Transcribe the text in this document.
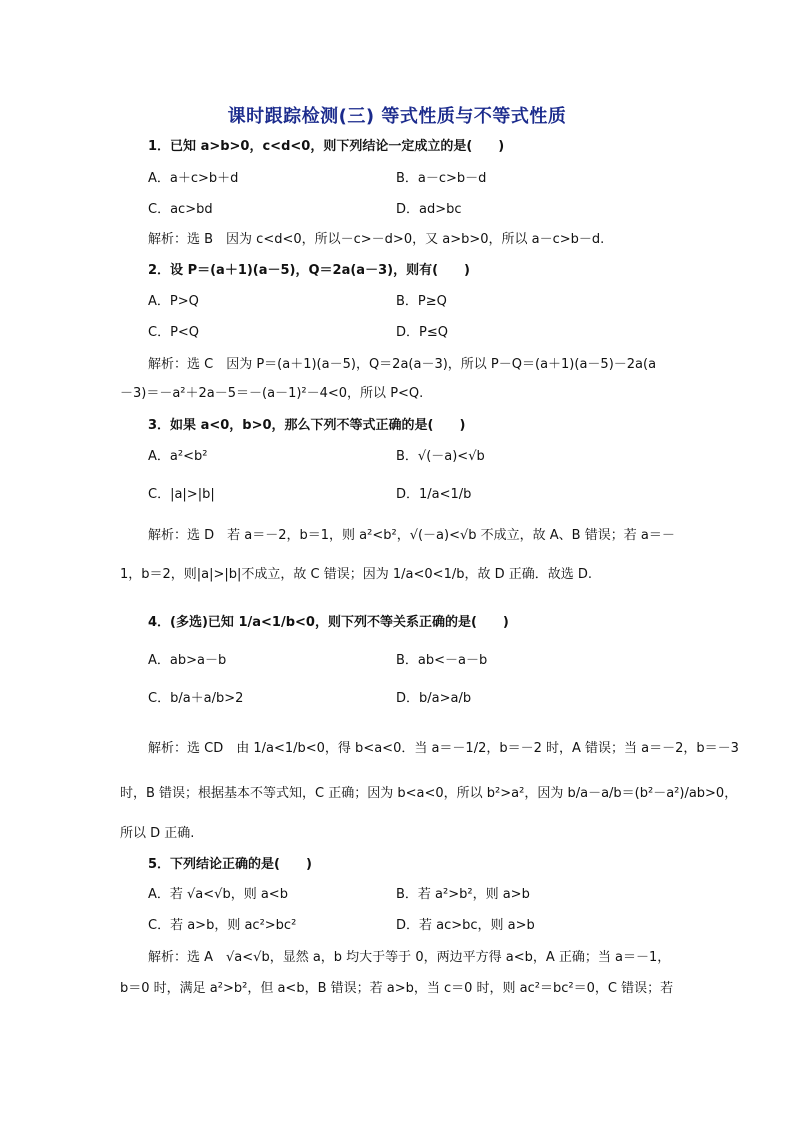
课时跟踪检测(三) 等式性质与不等式性质
1．已知 a>b>0，c<d<0，则下列结论一定成立的是(　　)
A．a＋c>b＋d	B．a－c>b－d
C．ac>bd	D．ad>bc
解析：选 B　因为 c<d<0，所以－c>－d>0，又 a>b>0，所以 a－c>b－d.
2．设 P＝(a＋1)(a－5)，Q＝2a(a－3)，则有(　　)
A．P>Q	B．P≥Q
C．P<Q	D．P≤Q
解析：选 C　因为 P＝(a＋1)(a－5)，Q＝2a(a－3)，所以 P－Q＝(a＋1)(a－5)－2a(a
－3)＝－a²＋2a－5＝－(a－1)²－4<0，所以 P<Q.
3．如果 a<0，b>0，那么下列不等式正确的是(　　)
A．a²<b²	B．√(－a)<√b
C．|a|>|b|	D．1/a<1/b
解析：选 D　若 a＝－2，b＝1，则 a²<b²，√(－a)<√b 不成立，故 A、B 错误；若 a＝－
1，b＝2，则|a|>|b|不成立，故 C 错误；因为 1/a<0<1/b，故 D 正确．故选 D.
4．(多选)已知 1/a<1/b<0，则下列不等关系正确的是(　　)
A．ab>a－b	B．ab<－a－b
C．b/a＋a/b>2	D．b/a>a/b
解析：选 CD　由 1/a<1/b<0，得 b<a<0．当 a＝－1/2，b＝－2 时，A 错误；当 a＝－2，b＝－3
时，B 错误；根据基本不等式知，C 正确；因为 b<a<0，所以 b²>a²，因为 b/a－a/b＝(b²－a²)/ab>0，
所以 D 正确.
5．下列结论正确的是(　　)
A．若 √a<√b，则 a<b	B．若 a²>b²，则 a>b
C．若 a>b，则 ac²>bc²	D．若 ac>bc，则 a>b
解析：选 A　√a<√b，显然 a，b 均大于等于 0，两边平方得 a<b，A 正确；当 a＝－1，
b＝0 时，满足 a²>b²，但 a<b，B 错误；若 a>b，当 c＝0 时，则 ac²＝bc²＝0，C 错误；若
